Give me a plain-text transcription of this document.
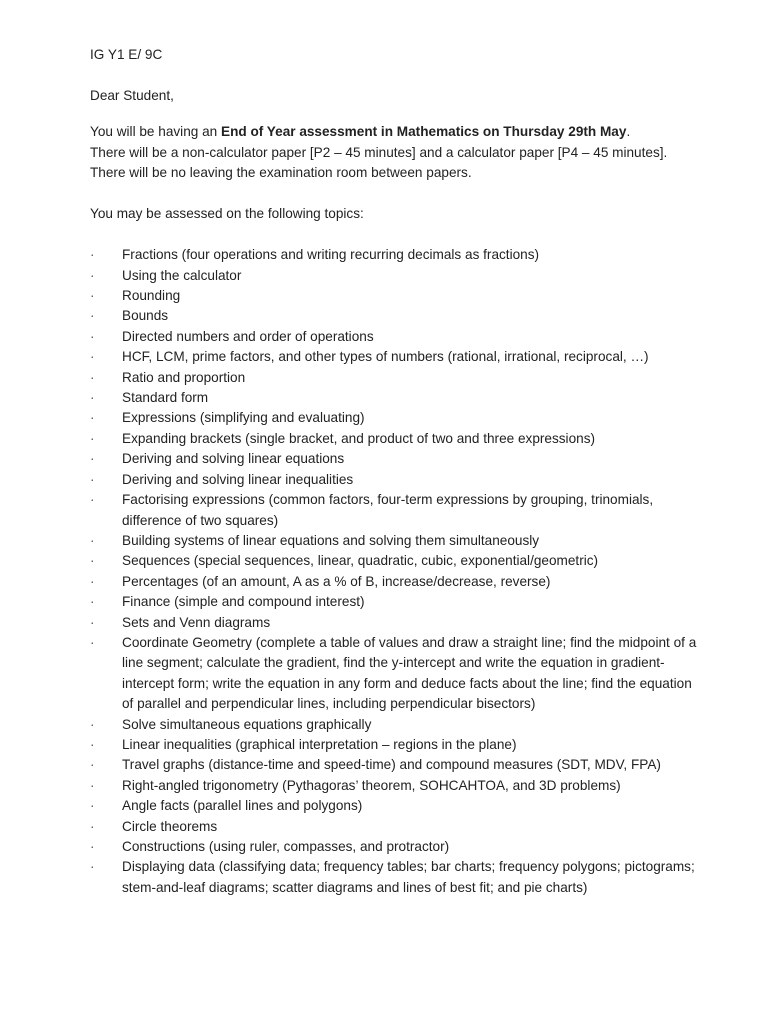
IG Y1 E/ 9C
Dear Student,
You will be having an End of Year assessment in Mathematics on Thursday 29th May.
There will be a non-calculator paper [P2 – 45 minutes] and a calculator paper [P4 – 45 minutes].
There will be no leaving the examination room between papers.
You may be assessed on the following topics:
·	Fractions (four operations and writing recurring decimals as fractions)
·	Using the calculator
·	Rounding
·	Bounds
·	Directed numbers and order of operations
·	HCF, LCM, prime factors, and other types of numbers (rational, irrational, reciprocal, …)
·	Ratio and proportion
·	Standard form
·	Expressions (simplifying and evaluating)
·	Expanding brackets (single bracket, and product of two and three expressions)
·	Deriving and solving linear equations
·	Deriving and solving linear inequalities
·	Factorising expressions (common factors, four-term expressions by grouping, trinomials, difference of two squares)
·	Building systems of linear equations and solving them simultaneously
·	Sequences (special sequences, linear, quadratic, cubic, exponential/geometric)
·	Percentages (of an amount, A as a % of B, increase/decrease, reverse)
·	Finance (simple and compound interest)
·	Sets and Venn diagrams
·	Coordinate Geometry (complete a table of values and draw a straight line; find the midpoint of a line segment; calculate the gradient, find the y-intercept and write the equation in gradient-intercept form; write the equation in any form and deduce facts about the line; find the equation of parallel and perpendicular lines, including perpendicular bisectors)
·	Solve simultaneous equations graphically
·	Linear inequalities (graphical interpretation – regions in the plane)
·	Travel graphs (distance-time and speed-time) and compound measures (SDT, MDV, FPA)
·	Right-angled trigonometry (Pythagoras’ theorem, SOHCAHTOA, and 3D problems)
·	Angle facts (parallel lines and polygons)
·	Circle theorems
·	Constructions (using ruler, compasses, and protractor)
·	Displaying data (classifying data; frequency tables; bar charts; frequency polygons; pictograms; stem-and-leaf diagrams; scatter diagrams and lines of best fit; and pie charts)
